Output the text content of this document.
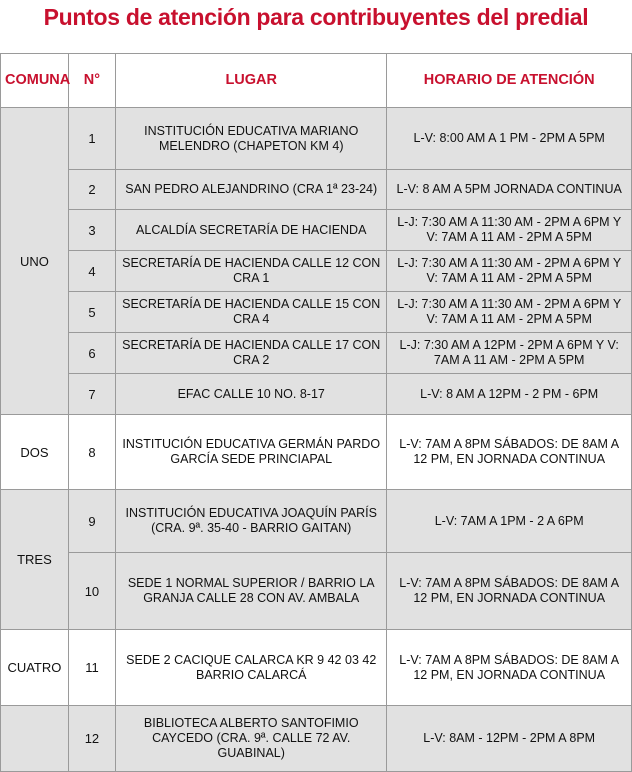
Puntos de atención para contribuyentes del predial
COMUNA	N°	LUGAR	HORARIO DE ATENCIÓN
UNO	1	INSTITUCIÓN EDUCATIVA MARIANO MELENDRO (CHAPETON KM 4)	L-V: 8:00 AM A 1 PM - 2PM A 5PM
	2	SAN PEDRO ALEJANDRINO (CRA 1ª 23-24)	L-V: 8 AM A 5PM JORNADA CONTINUA
	3	ALCALDÍA SECRETARÍA DE HACIENDA	L-J: 7:30 AM A 11:30 AM - 2PM A 6PM Y V: 7AM A 11 AM - 2PM A 5PM
	4	SECRETARÍA DE HACIENDA CALLE 12 CON CRA 1	L-J: 7:30 AM A 11:30 AM - 2PM A 6PM Y V: 7AM A 11 AM - 2PM A 5PM
	5	SECRETARÍA DE HACIENDA CALLE 15 CON CRA 4	L-J: 7:30 AM A 11:30 AM - 2PM A 6PM Y V: 7AM A 11 AM - 2PM A 5PM
	6	SECRETARÍA DE HACIENDA CALLE 17 CON CRA 2	L-J: 7:30 AM A 12PM - 2PM A 6PM Y V: 7AM A 11 AM - 2PM A 5PM
	7	EFAC CALLE 10 NO. 8-17	L-V: 8 AM A 12PM - 2 PM - 6PM
DOS	8	INSTITUCIÓN EDUCATIVA GERMÁN PARDO GARCÍA SEDE PRINCIAPAL	L-V: 7AM A 8PM SÁBADOS: DE 8AM A 12 PM, EN JORNADA CONTINUA
TRES	9	INSTITUCIÓN EDUCATIVA JOAQUÍN PARÍS (CRA. 9ª. 35-40 - BARRIO GAITAN)	L-V: 7AM A 1PM - 2 A 6PM
	10	SEDE 1 NORMAL SUPERIOR / BARRIO LA GRANJA CALLE 28 CON AV. AMBALA	L-V: 7AM A 8PM SÁBADOS: DE 8AM A 12 PM, EN JORNADA CONTINUA
CUATRO	11	SEDE 2 CACIQUE CALARCA KR 9 42 03 42 BARRIO CALARCÁ	L-V: 7AM A 8PM SÁBADOS: DE 8AM A 12 PM, EN JORNADA CONTINUA
	12	BIBLIOTECA ALBERTO SANTOFIMIO CAYCEDO (CRA. 9ª. CALLE 72 AV. GUABINAL)	L-V: 8AM - 12PM - 2PM A 8PM
